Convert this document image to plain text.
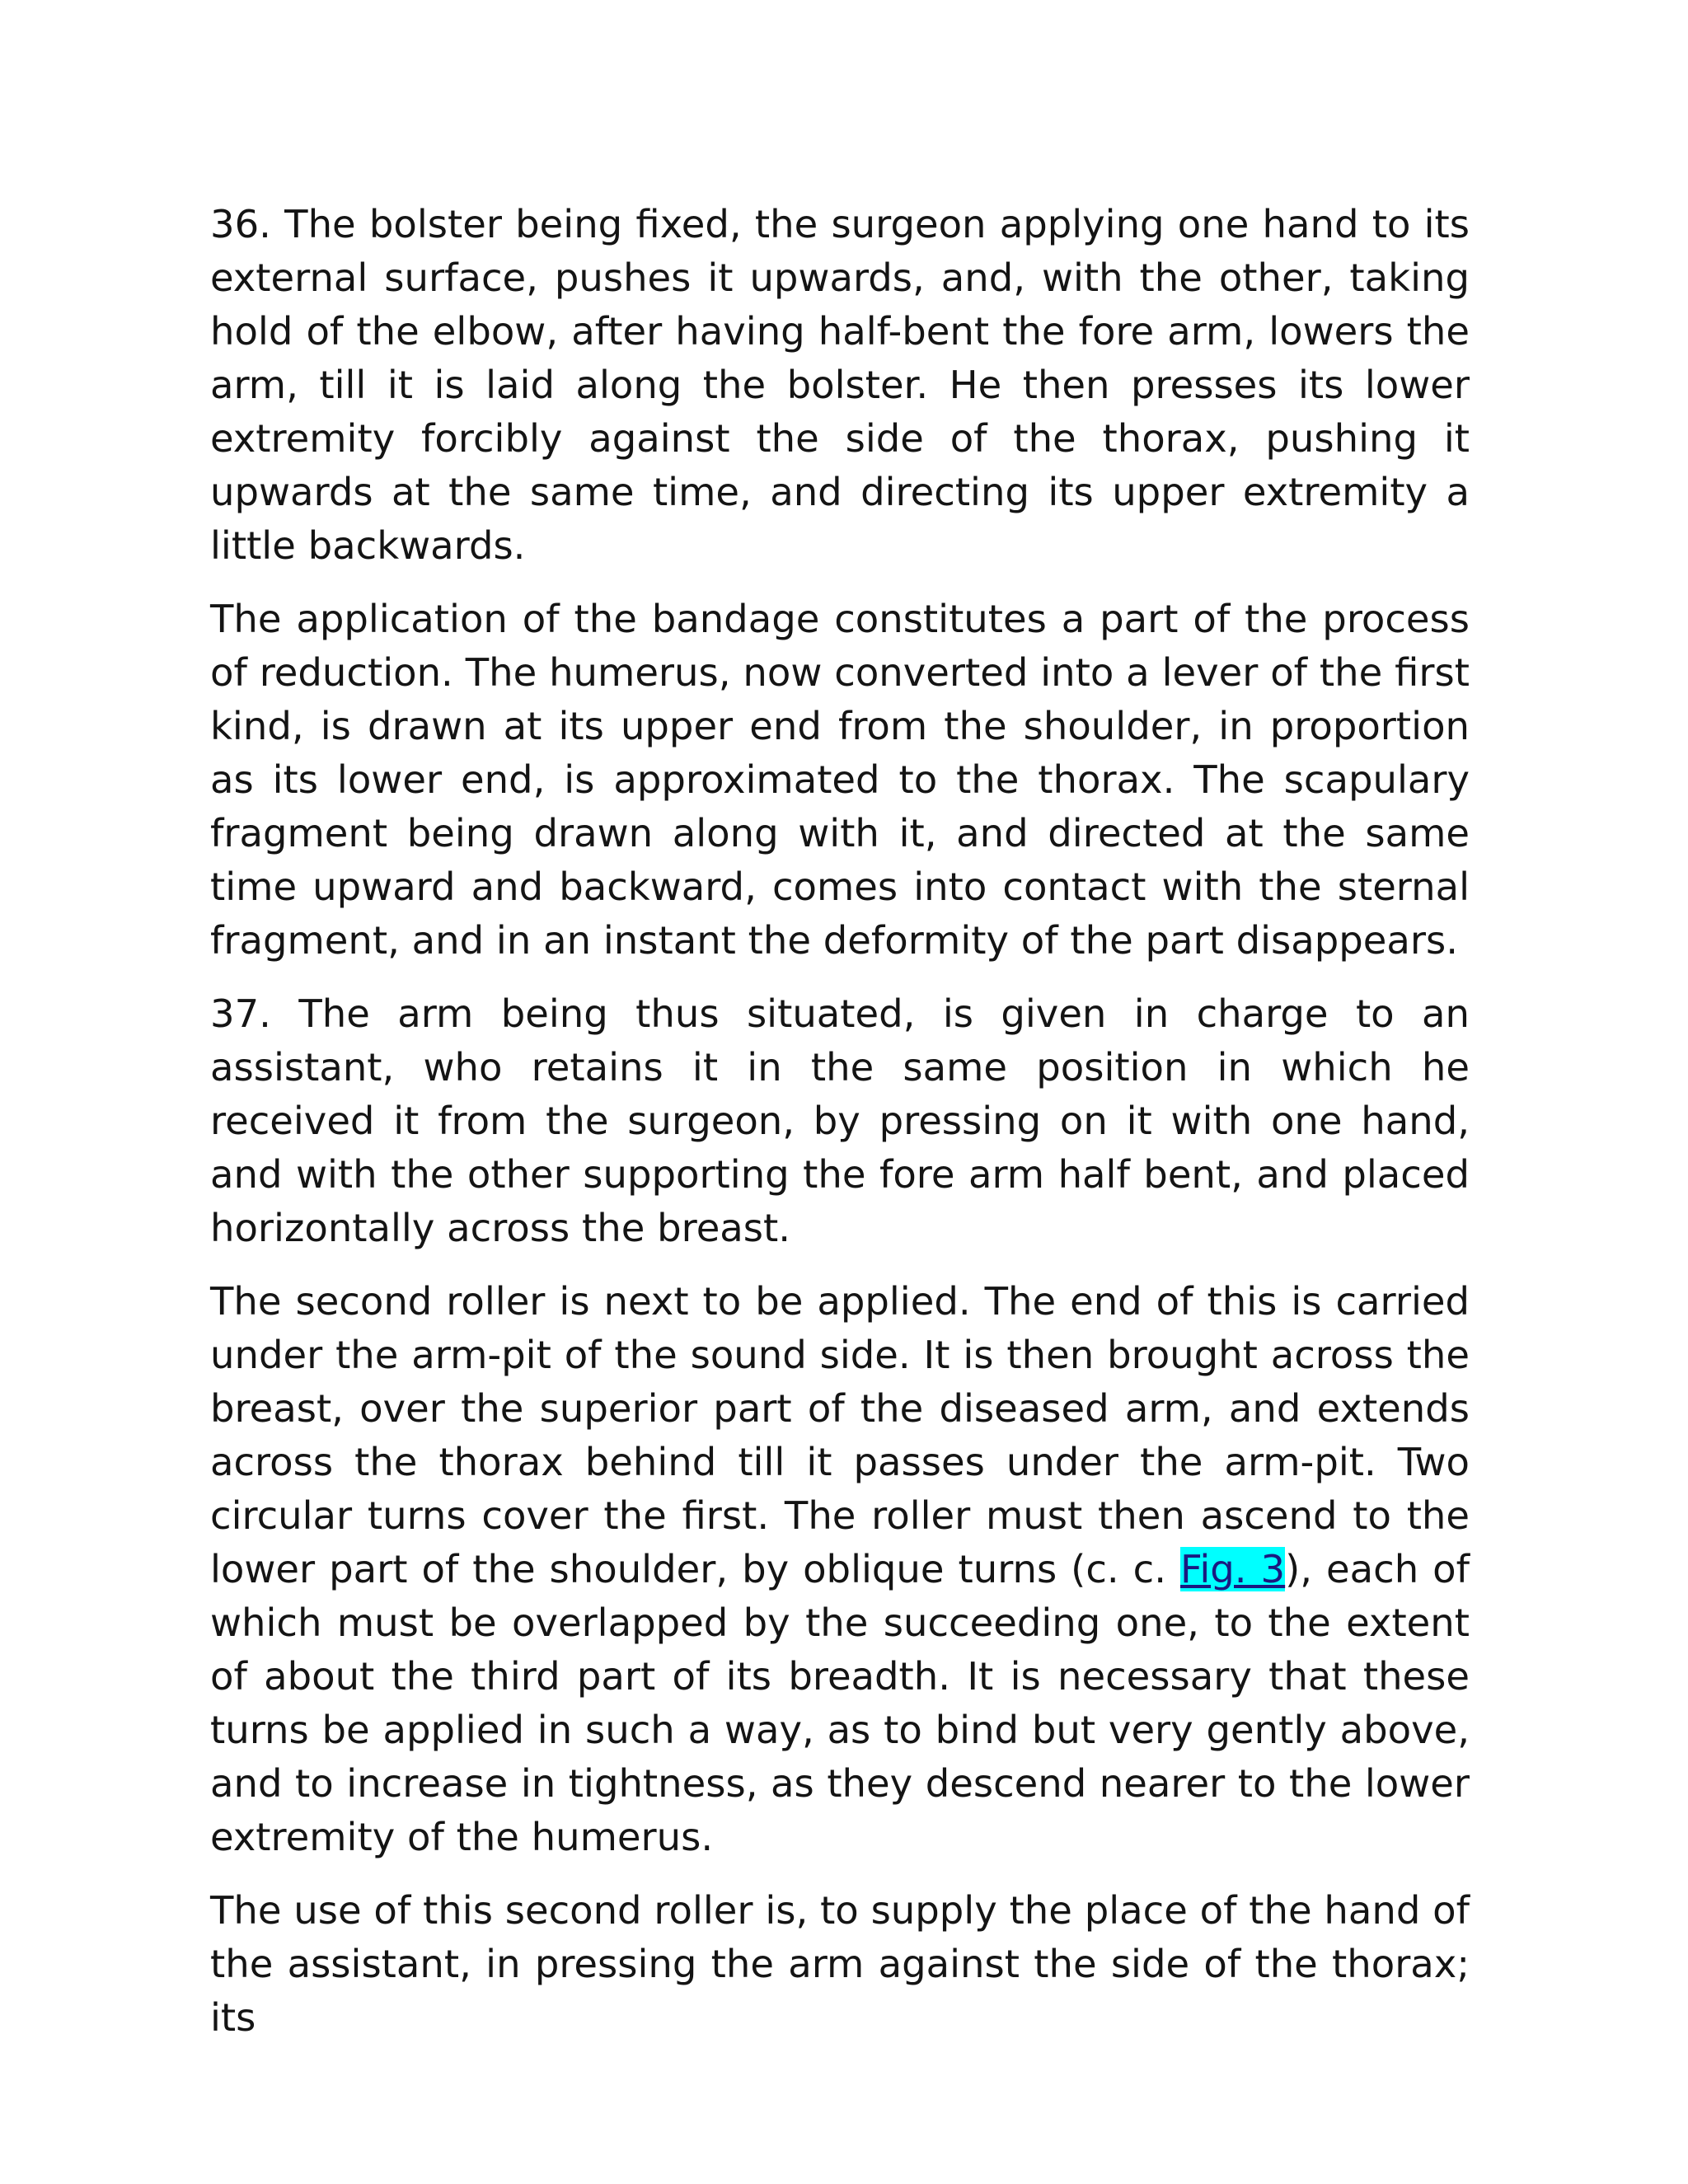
36. The bolster being fixed, the surgeon applying one hand to its external surface, pushes it upwards, and, with the other, taking hold of the elbow, after having half-bent the fore arm, lowers the arm, till it is laid along the bolster. He then presses its lower extremity forcibly against the side of the thorax, pushing it upwards at the same time, and directing its upper extremity a little backwards.

The application of the bandage constitutes a part of the process of reduction. The humerus, now converted into a lever of the first kind, is drawn at its upper end from the shoulder, in proportion as its lower end, is approximated to the thorax. The scapulary fragment being drawn along with it, and directed at the same time upward and backward, comes into contact with the sternal fragment, and in an instant the deformity of the part disappears.

37. The arm being thus situated, is given in charge to an assistant, who retains it in the same position in which he received it from the surgeon, by pressing on it with one hand, and with the other supporting the fore arm half bent, and placed horizontally across the breast.

The second roller is next to be applied. The end of this is carried under the arm-pit of the sound side. It is then brought across the breast, over the superior part of the diseased arm, and extends across the thorax behind till it passes under the arm-pit. Two circular turns cover the first. The roller must then ascend to the lower part of the shoulder, by oblique turns (c. c. Fig. 3), each of which must be overlapped by the succeeding one, to the extent of about the third part of its breadth. It is necessary that these turns be applied in such a way, as to bind but very gently above, and to increase in tightness, as they descend nearer to the lower extremity of the humerus.

The use of this second roller is, to supply the place of the hand of the assistant, in pressing the arm against the side of the thorax; its
